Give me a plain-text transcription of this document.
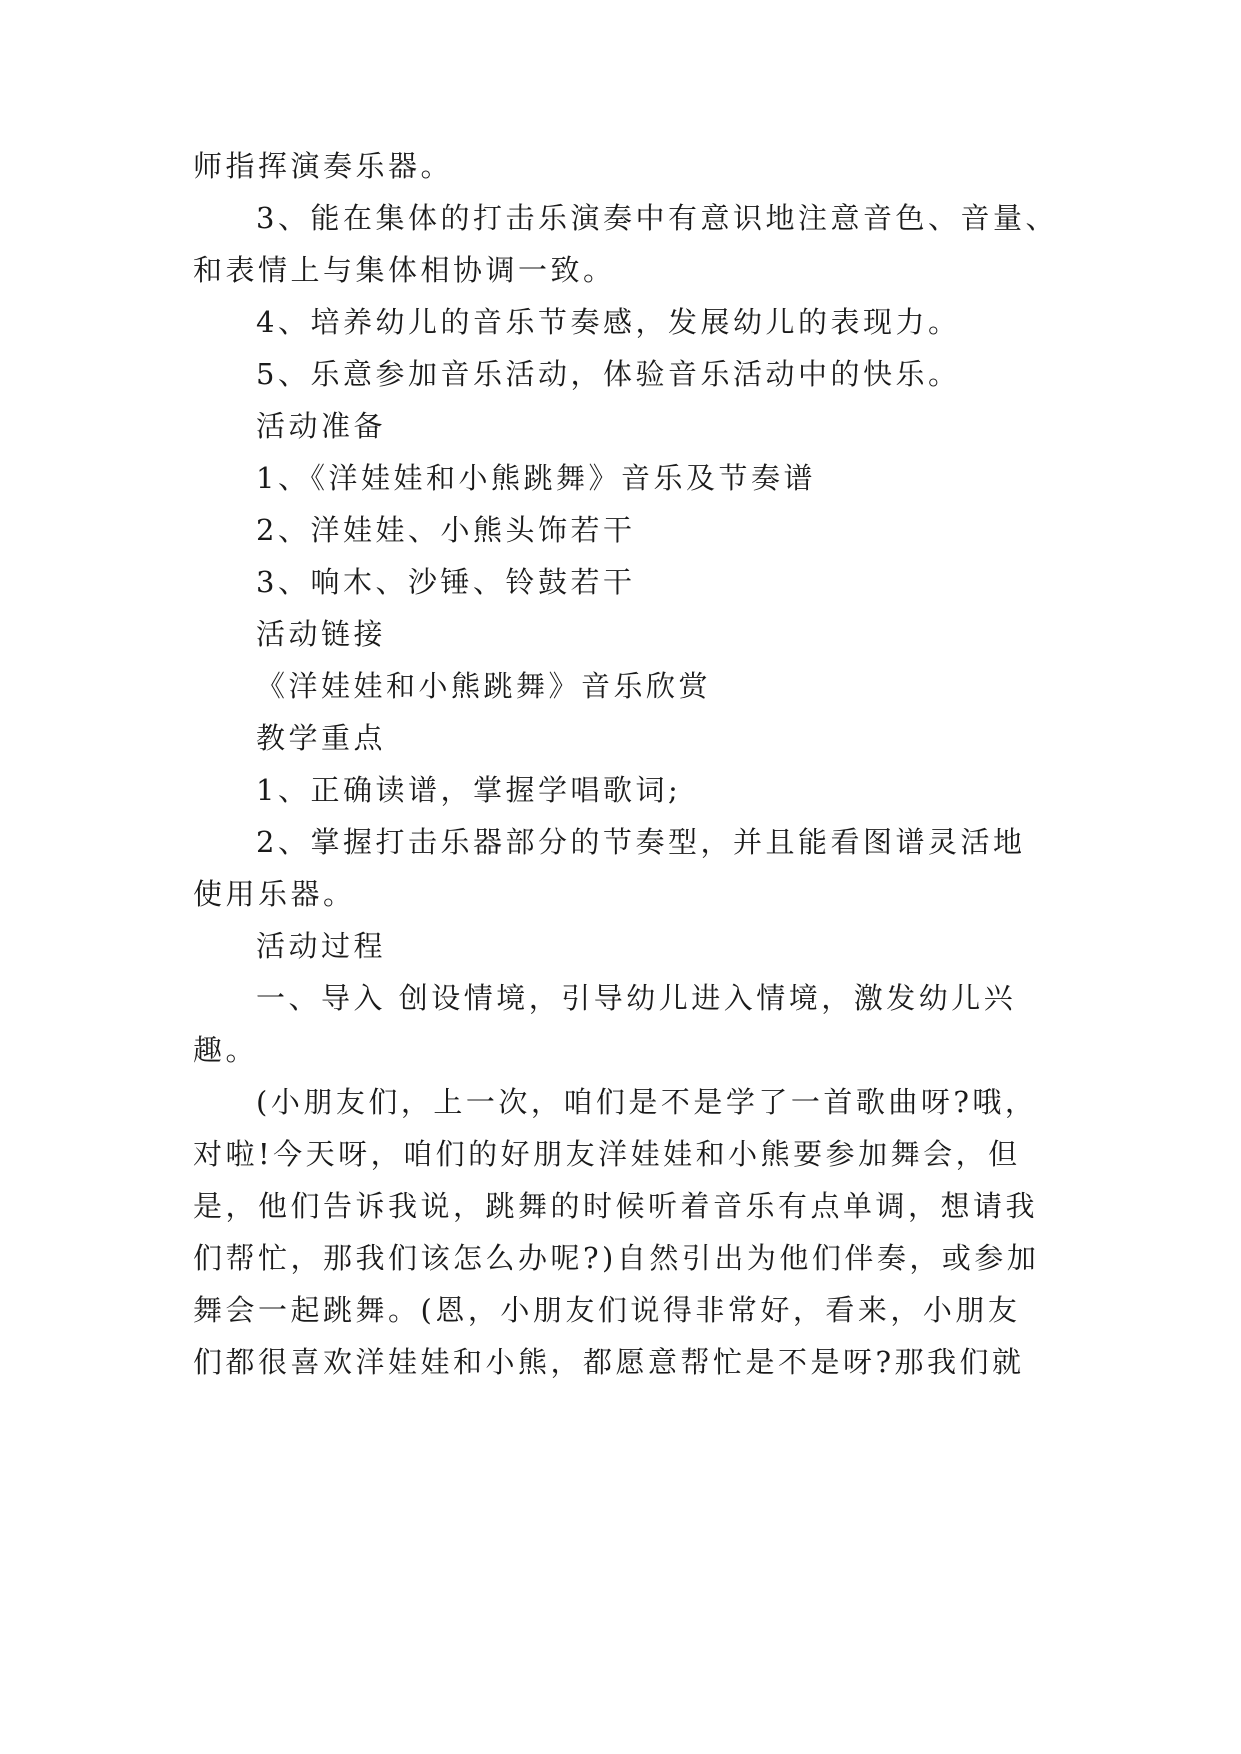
师指挥演奏乐器。
3、能在集体的打击乐演奏中有意识地注意音色、音量、
和表情上与集体相协调一致。
4、培养幼儿的音乐节奏感，发展幼儿的表现力。
5、乐意参加音乐活动，体验音乐活动中的快乐。
活动准备
1、《洋娃娃和小熊跳舞》音乐及节奏谱
2、洋娃娃、小熊头饰若干
3、响木、沙锤、铃鼓若干
活动链接
《洋娃娃和小熊跳舞》音乐欣赏
教学重点
1、正确读谱，掌握学唱歌词;
2、掌握打击乐器部分的节奏型，并且能看图谱灵活地
使用乐器。
活动过程
一、导入 创设情境，引导幼儿进入情境，激发幼儿兴
趣。
(小朋友们，上一次，咱们是不是学了一首歌曲呀?哦，
对啦!今天呀，咱们的好朋友洋娃娃和小熊要参加舞会，但
是，他们告诉我说，跳舞的时候听着音乐有点单调，想请我
们帮忙，那我们该怎么办呢?)自然引出为他们伴奏，或参加
舞会一起跳舞。(恩，小朋友们说得非常好，看来，小朋友
们都很喜欢洋娃娃和小熊，都愿意帮忙是不是呀?那我们就
